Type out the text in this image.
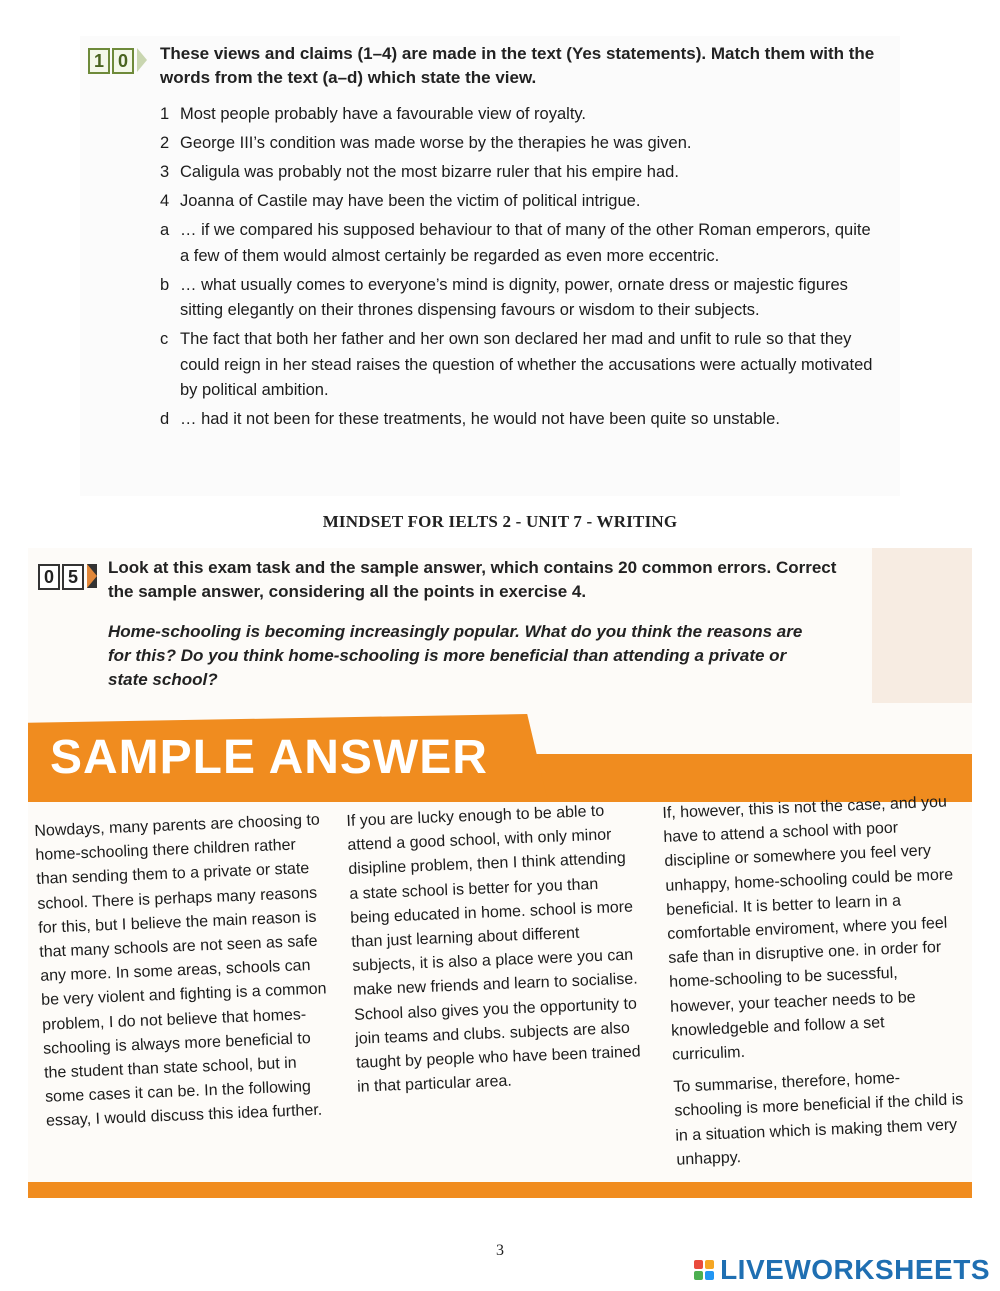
1 0	These views and claims (1–4) are made in the text (Yes statements). Match them with the words from the text (a–d) which state the view.
1 Most people probably have a favourable view of royalty.
2 George III’s condition was made worse by the therapies he was given.
3 Caligula was probably not the most bizarre ruler that his empire had.
4 Joanna of Castile may have been the victim of political intrigue.
a … if we compared his supposed behaviour to that of many of the other Roman emperors, quite a few of them would almost certainly be regarded as even more eccentric.
b … what usually comes to everyone’s mind is dignity, power, ornate dress or majestic figures sitting elegantly on their thrones dispensing favours or wisdom to their subjects.
c The fact that both her father and her own son declared her mad and unfit to rule so that they could reign in her stead raises the question of whether the accusations were actually motivated by political ambition.
d … had it not been for these treatments, he would not have been quite so unstable.
MINDSET FOR IELTS 2 - UNIT 7 - WRITING
0 5	Look at this exam task and the sample answer, which contains 20 common errors. Correct the sample answer, considering all the points in exercise 4.
Home-schooling is becoming increasingly popular. What do you think the reasons are for this? Do you think home-schooling is more beneficial than attending a private or state school?
SAMPLE ANSWER

Nowdays, many parents are choosing to home-schooling there children rather than sending them to a private or state school. There is perhaps many reasons for this, but I believe the main reason is that many schools are not seen as safe any more. In some areas, schools can be very violent and fighting is a common problem, I do not believe that homes-schooling is always more beneficial to the student than state school, but in some cases it can be. In the following essay, I would discuss this idea further.

If you are lucky enough to be able to attend a good school, with only minor disipline problem, then I think attending a state school is better for you than being educated in home. school is more than just learning about different subjects, it is also a place were you can make new friends and learn to socialise. School also gives you the opportunity to join teams and clubs. subjects are also taught by people who have been trained in that particular area.

If, however, this is not the case, and you have to attend a school with poor discipline or somewhere you feel very unhappy, home-schooling could be more beneficial. It is better to learn in a comfortable enviroment, where you feel safe than in disruptive one. in order for home-schooling to be sucessful, however, your teacher needs to be knowledgeble and follow a set curriculim.

To summarise, therefore, home-schooling is more beneficial if the child is in a situation which is making them very unhappy.

3
LIVEWORKSHEETS
